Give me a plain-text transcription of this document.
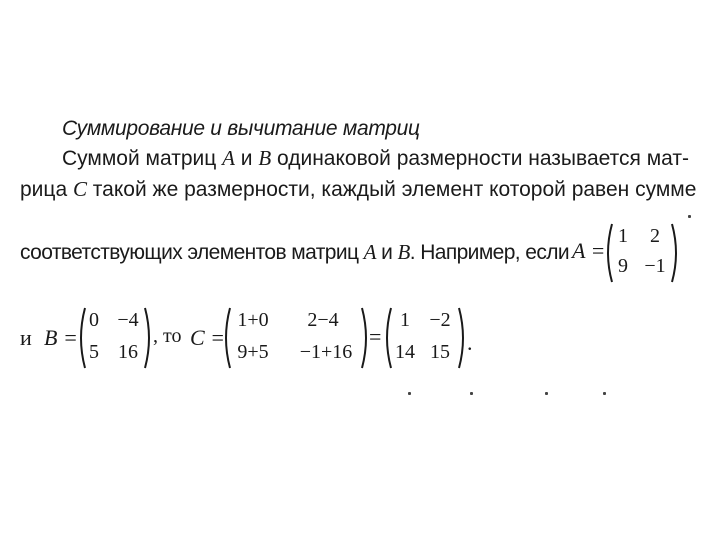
Суммирование и вычитание матриц
Суммой матриц A и B одинаковой размерности называется мат-
рица C такой же размерности, каждый элемент которой равен сумме
соответствующих элементов матриц A и B. Например, если A =
1	2
9 −1
и B =
0 −4
5 16
, то C =
1+0	2−4
9+5	−1+16
=
1 −2
14 15 .
